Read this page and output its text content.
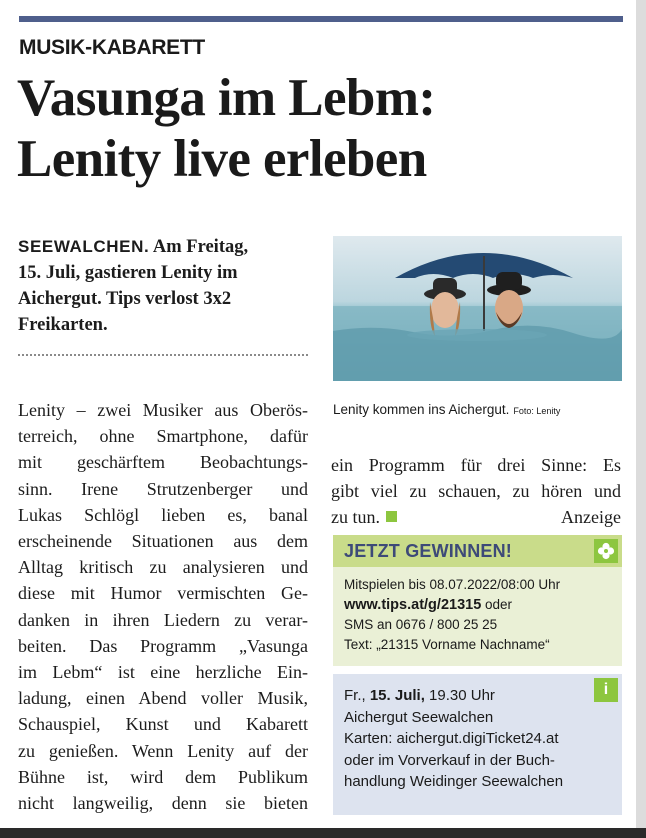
MUSIK-KABARETT
Vasunga im Lebm:
Lenity live erleben
SEEWALCHEN. Am Freitag,
15. Juli, gastieren Lenity im
Aichergut. Tips verlost 3x2
Freikarten.
Lenity – zwei Musiker aus Oberös-
terreich, ohne Smartphone, dafür
mit geschärftem Beobachtungs-
sinn. Irene Strutzenberger und
Lukas Schlögl lieben es, banal
erscheinende Situationen aus dem
Alltag kritisch zu analysieren und
diese mit Humor vermischten Ge-
danken in ihren Liedern zu verar-
beiten. Das Programm „Vasunga
im Lebm“ ist eine herzliche Ein-
ladung, einen Abend voller Musik,
Schauspiel, Kunst und Kabarett
zu genießen. Wenn Lenity auf der
Bühne ist, wird dem Publikum
nicht langweilig, denn sie bieten
Lenity kommen ins Aichergut. Foto: Lenity
ein Programm für drei Sinne: Es
gibt viel zu schauen, zu hören und
zu tun.	Anzeige
JETZT GEWINNEN!
Mitspielen bis 08.07.2022/08:00 Uhr
www.tips.at/g/21315 oder
SMS an 0676 / 800 25 25
Text: „21315 Vorname Nachname“
i
Fr., 15. Juli, 19.30 Uhr
Aichergut Seewalchen
Karten: aichergut.digiTicket24.at
oder im Vorverkauf in der Buch-
handlung Weidinger Seewalchen
